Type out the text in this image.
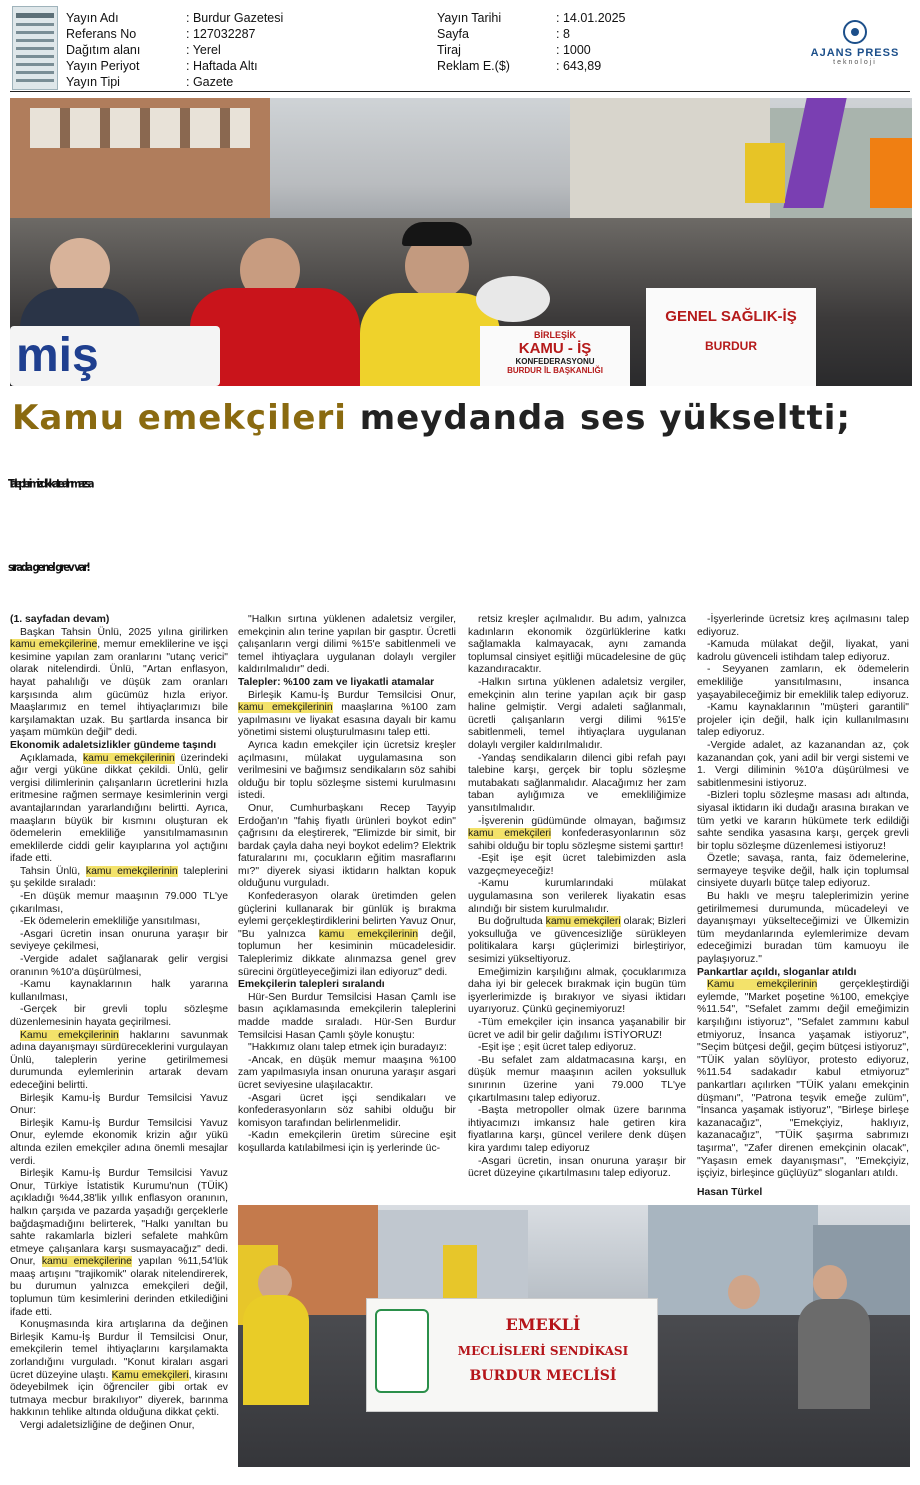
Yayın Adı	: Burdur Gazetesi
Referans No	: 127032287
Dağıtım alanı	: Yerel
Yayın Periyot	: Haftada Altı
Yayın Tipi	: Gazete
Yayın Tarihi	: 14.01.2025
Sayfa	: 8
Tiraj	: 1000
Reklam E.($)	: 643,89
AJANS PRESS
teknoloji
miş	BİRLEŞİK
KAMU - İŞ
KONFEDERASYONU
BURDUR İL BAŞKANLIĞI
GENEL SAĞLIK-İŞ
BURDUR
Kamu emekçileri meydanda ses yükseltti;
Taleplerimiz dikkate alınmazsa
sırada genel grev var!

(1. sayfadan devam)

Başkan Tahsin Ünlü, 2025 yılına girilirken kamu emekçilerine, memur emeklilerine ve işçi kesimine yapılan zam oranlarını "utanç verici" olarak nitelendirdi. Ünlü, "Artan enflasyon, hayat pahalılığı ve düşük zam oranları karşısında alım gücümüz hızla eriyor. Maaşlarımız en temel ihtiyaçlarımızı bile karşılamaktan uzak. Bu şartlarda insanca bir yaşam mümkün değil" dedi.

Ekonomik adaletsizlikler gündeme taşındı

Açıklamada, kamu emekçilerinin üzerindeki ağır vergi yüküne dikkat çekildi. Ünlü, gelir vergisi dilimlerinin çalışanların ücretlerini hızla eritmesine rağmen sermaye kesimlerinin vergi avantajlarından yararlandığını belirtti. Ayrıca, maaşların büyük bir kısmını oluşturan ek ödemelerin emekliliğe yansıtılmamasının emeklilerde ciddi gelir kayıplarına yol açtığını ifade etti.

Tahsin Ünlü, kamu emekçilerinin taleplerini şu şekilde sıraladı:

-En düşük memur maaşının 79.000 TL'ye çıkarılması,

-Ek ödemelerin emekliliğe yansıtılması,

-Asgari ücretin insan onuruna yaraşır bir seviyeye çekilmesi,

-Vergide adalet sağlanarak gelir vergisi oranının %10'a düşürülmesi,

-Kamu kaynaklarının halk yararına kullanılması,

-Gerçek bir grevli toplu sözleşme düzenlemesinin hayata geçirilmesi.

Kamu emekçilerinin haklarını savunmak adına dayanışmayı sürdüreceklerini vurgulayan Ünlü, taleplerin yerine getirilmemesi durumunda eylemlerinin artarak devam edeceğini belirtti.

Birleşik Kamu-İş Burdur Temsilcisi Yavuz Onur:

Birleşik Kamu-İş Burdur Temsilcisi Yavuz Onur, eylemde ekonomik krizin ağır yükü altında ezilen emekçiler adına önemli mesajlar verdi.

Birleşik Kamu-İş Burdur Temsilcisi Yavuz Onur, Türkiye İstatistik Kurumu'nun (TÜİK) açıkladığı %44,38'lik yıllık enflasyon oranının, halkın çarşıda ve pazarda yaşadığı gerçeklerle bağdaşmadığını belirterek, "Halkı yanıltan bu sahte rakamlarla bizleri sefalete mahkûm etmeye çalışanlara karşı susmayacağız" dedi. Onur, kamu emekçilerine yapılan %11,54'lük maaş artışını "trajikomik" olarak nitelendirerek, bu durumun yalnızca emekçileri değil, toplumun tüm kesimlerini derinden etkilediğini ifade etti.

Konuşmasında kira artışlarına da değinen Birleşik Kamu-İş Burdur İl Temsilcisi Onur, emekçilerin temel ihtiyaçlarını karşılamakta zorlandığını vurguladı. "Konut kiraları asgari ücret düzeyine ulaştı. Kamu emekçileri, kirasını ödeyebilmek için öğrenciler gibi ortak ev tutmaya mecbur bırakılıyor" diyerek, barınma hakkının tehlike altında olduğuna dikkat çekti.

Vergi adaletsizliğine de değinen Onur,

"Halkın sırtına yüklenen adaletsiz vergiler, emekçinin alın terine yapılan bir gasptır. Ücretli çalışanların vergi dilimi %15'e sabitlenmeli ve temel ihtiyaçlara uygulanan dolaylı vergiler kaldırılmalıdır" dedi.

Talepler: %100 zam ve liyakatli atamalar

Birleşik Kamu-İş Burdur Temsilcisi Onur, kamu emekçilerinin maaşlarına %100 zam yapılmasını ve liyakat esasına dayalı bir kamu yönetimi sistemi oluşturulmasını talep etti.

Ayrıca kadın emekçiler için ücretsiz kreşler açılmasını, mülakat uygulamasına son verilmesini ve bağımsız sendikaların söz sahibi olduğu bir toplu sözleşme sistemi kurulmasını istedi.

Onur, Cumhurbaşkanı Recep Tayyip Erdoğan'ın "fahiş fiyatlı ürünleri boykot edin" çağrısını da eleştirerek, "Elimizde bir simit, bir bardak çayla daha neyi boykot edelim? Elektrik faturalarını mı, çocukların eğitim masraflarını mı?" diyerek siyasi iktidarın halktan kopuk olduğunu vurguladı.

Konfederasyon olarak üretimden gelen güçlerini kullanarak bir günlük iş bırakma eylemi gerçekleştirdiklerini belirten Yavuz Onur, "Bu yalnızca kamu emekçilerinin değil, toplumun her kesiminin mücadelesidir. Taleplerimiz dikkate alınmazsa genel grev sürecini örgütleyeceğimizi ilan ediyoruz" dedi.

Emekçilerin talepleri sıralandı

Hür-Sen Burdur Temsilcisi Hasan Çamlı ise basın açıklamasında emekçilerin taleplerini madde madde sıraladı. Hür-Sen Burdur Temsilcisi Hasan Çamlı şöyle konuştu:

"Hakkımız olanı talep etmek için buradayız:

-Ancak, en düşük memur maaşına %100 zam yapılmasıyla insan onuruna yaraşır asgari ücret seviyesine ulaşılacaktır.

-Asgari ücret işçi sendikaları ve konfederasyonların söz sahibi olduğu bir komisyon tarafından belirlenmelidir.

-Kadın emekçilerin üretim sürecine eşit koşullarda katılabilmesi için iş yerlerinde üc-

retsiz kreşler açılmalıdır. Bu adım, yalnızca kadınların ekonomik özgürlüklerine katkı sağlamakla kalmayacak, aynı zamanda toplumsal cinsiyet eşitliği mücadelesine de güç kazandıracaktır.

-Halkın sırtına yüklenen adaletsiz vergiler, emekçinin alın terine yapılan açık bir gasp haline gelmiştir. Vergi adaleti sağlanmalı, ücretli çalışanların vergi dilimi %15'e sabitlenmeli, temel ihtiyaçlara uygulanan dolaylı vergiler kaldırılmalıdır.

-Yandaş sendikaların dilenci gibi refah payı talebine karşı, gerçek bir toplu sözleşme mutabakatı sağlanmalıdır. Alacağımız her zam taban aylığımıza ve emekliliğimize yansıtılmalıdır.

-İşverenin güdümünde olmayan, bağımsız kamu emekçileri konfederasyonlarının söz sahibi olduğu bir toplu sözleşme sistemi şarttır!

-Eşit işe eşit ücret talebimizden asla vazgeçmeyeceğiz!

-Kamu kurumlarındaki mülakat uygulamasına son verilerek liyakatin esas alındığı bir sistem kurulmalıdır.

Bu doğrultuda kamu emekçileri olarak; Bizleri yoksulluğa ve güvencesizliğe sürükleyen politikalara karşı güçlerimizi birleştiriyor, sesimizi yükseltiyoruz.

Emeğimizin karşılığını almak, çocuklarımıza daha iyi bir gelecek bırakmak için bugün tüm işyerlerimizde iş bırakıyor ve siyasi iktidarı uyarıyoruz. Çünkü geçinemiyoruz!

-Tüm emekçiler için insanca yaşanabilir bir ücret ve adil bir gelir dağılımı İSTİYORUZ!

-Eşit işe ; eşit ücret talep ediyoruz.

-Bu sefalet zam aldatmacasına karşı, en düşük memur maaşının acilen yoksulluk sınırının üzerine yani 79.000 TL'ye çıkartılmasını talep ediyoruz.

-Başta metropoller olmak üzere barınma ihtiyacımızı imkansız hale getiren kira fiyatlarına karşı, güncel verilere denk düşen kira yardımı talep ediyoruz

-Asgari ücretin, insan onuruna yaraşır bir ücret düzeyine çıkartılmasını talep ediyoruz.

-İşyerlerinde ücretsiz kreş açılmasını talep ediyoruz.

-Kamuda mülakat değil, liyakat, yani kadrolu güvenceli istihdam talep ediyoruz.

- Seyyanen zamların, ek ödemelerin emekliliğe yansıtılmasını, insanca yaşayabileceğimiz bir emeklilik talep ediyoruz.

-Kamu kaynaklarının "müşteri garantili" projeler için değil, halk için kullanılmasını talep ediyoruz.

-Vergide adalet, az kazanandan az, çok kazanandan çok, yani adil bir vergi sistemi ve 1. Vergi diliminin %10'a düşürülmesi ve sabitlenmesini istiyoruz.

-Bizleri toplu sözleşme masası adı altında, siyasal iktidarın iki dudağı arasına bırakan ve tüm yetki ve kararın hükümete terk edildiği sahte sendika yasasına karşı, gerçek grevli bir toplu sözleşme düzenlemesi istiyoruz!

Özetle; savaşa, ranta, faiz ödemelerine, sermayeye teşvike değil, halk için toplumsal cinsiyete duyarlı bütçe talep ediyoruz.

Bu haklı ve meşru taleplerimizin yerine getirilmemesi durumunda, mücadeleyi ve dayanışmayı yükselteceğimizi ve Ülkemizin tüm meydanlarında eylemlerimize devam edeceğimizi buradan tüm kamuoyu ile paylaşıyoruz."

Pankartlar açıldı, sloganlar atıldı

Kamu emekçilerinin gerçekleştirdiği eylemde, "Market poşetine %100, emekçiye %11.54", "Sefalet zammı değil emeğimizin karşılığını istiyoruz", "Sefalet zammını kabul etmiyoruz, İnsanca yaşamak istiyoruz", "Seçim bütçesi değil, geçim bütçesi istiyoruz", "TÜİK yalan söylüyor, protesto ediyoruz, %11.54 sadakadır kabul etmiyoruz" pankartları açılırken "TÜİK yalanı emekçinin düşmanı", "Patrona teşvik emeğe zulüm", "İnsanca yaşamak istiyoruz", "Birleşe birleşe kazanacağız", "Emekçiyiz, haklıyız, kazanacağız", "TÜİK şaşırma sabrımızı taşırma", "Zafer direnen emekçinin olacak", "Yaşasın emek dayanışması", "Emekçiyiz, işçiyiz, birleşince güçlüyüz" sloganları atıldı.

Hasan Türkel
EMEKLİ
MECLİSLERİ SENDİKASI
BURDUR MECLİSİ
